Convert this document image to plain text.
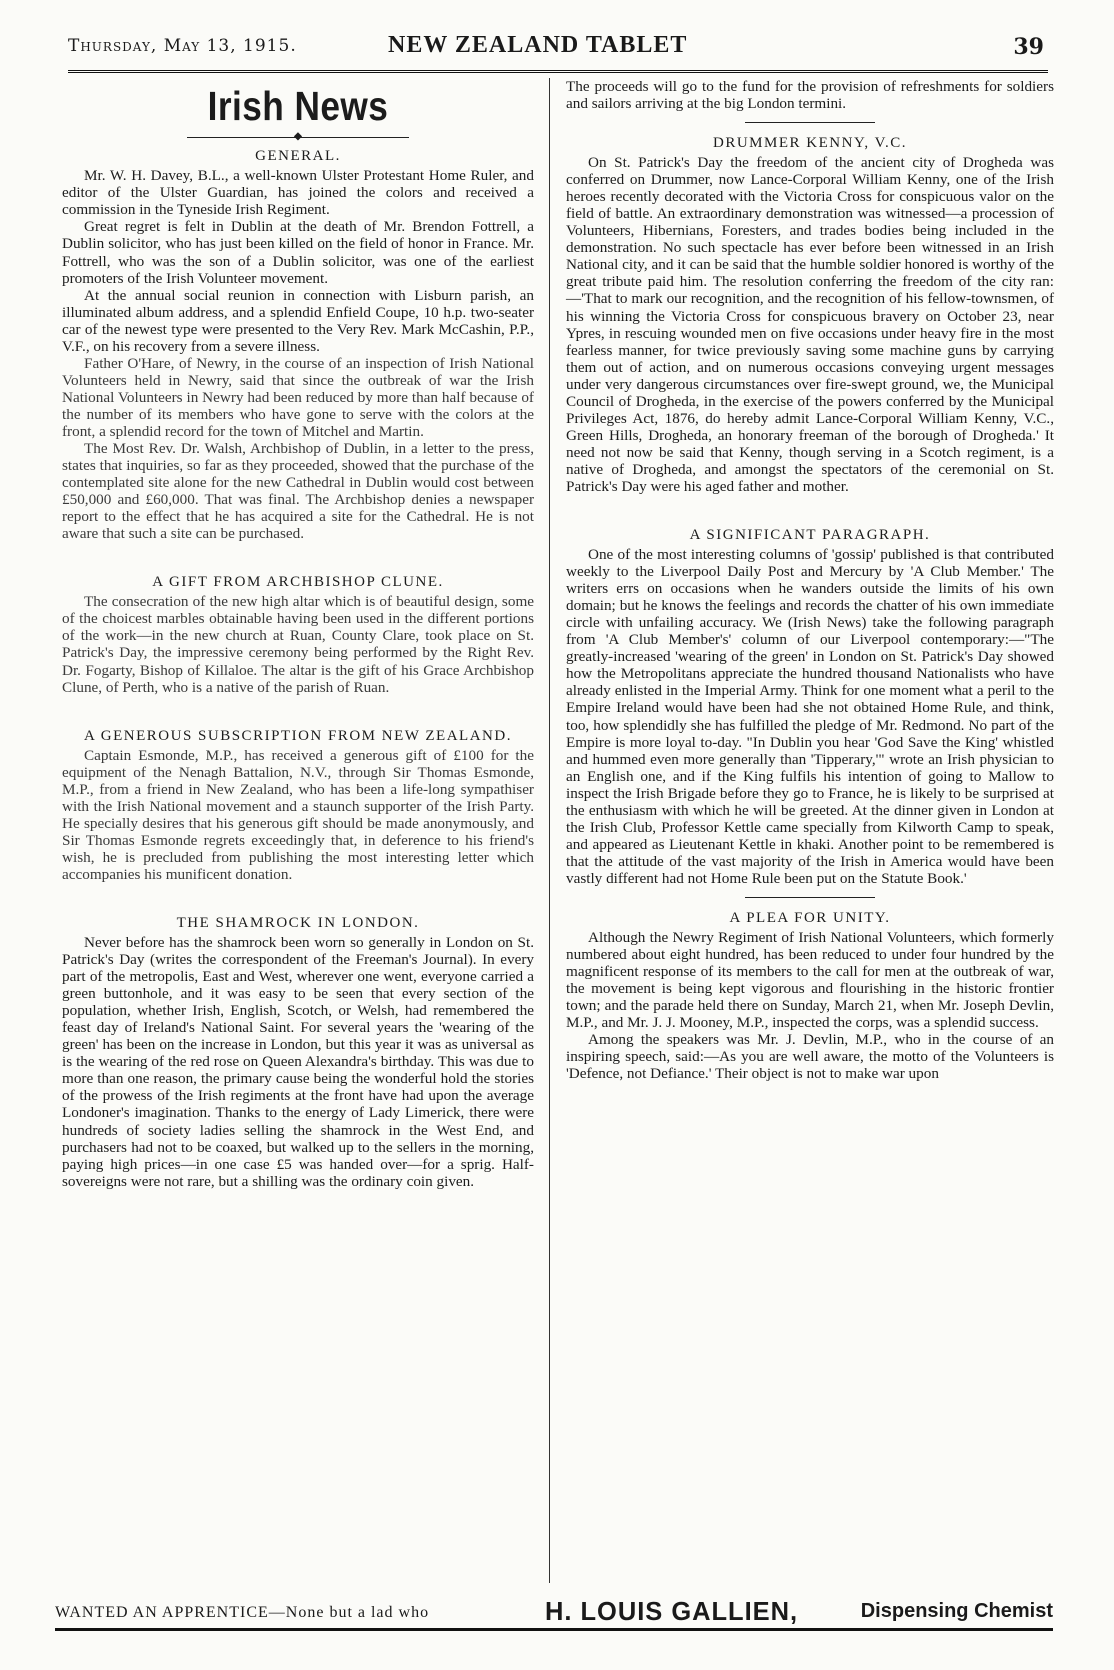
Thursday, May 13, 1915.	NEW ZEALAND TABLET	39
Irish News
◆
GENERAL.

Mr. W. H. Davey, B.L., a well-known Ulster Protestant Home Ruler, and editor of the Ulster Guardian, has joined the colors and received a commission in the Tyneside Irish Regiment.

Great regret is felt in Dublin at the death of Mr. Brendon Fottrell, a Dublin solicitor, who has just been killed on the field of honor in France. Mr. Fottrell, who was the son of a Dublin solicitor, was one of the earliest promoters of the Irish Volunteer movement.

At the annual social reunion in connection with Lisburn parish, an illuminated album address, and a splendid Enfield Coupe, 10 h.p. two-seater car of the newest type were presented to the Very Rev. Mark McCashin, P.P., V.F., on his recovery from a severe illness.

Father O'Hare, of Newry, in the course of an inspection of Irish National Volunteers held in Newry, said that since the outbreak of war the Irish National Volunteers in Newry had been reduced by more than half because of the number of its members who have gone to serve with the colors at the front, a splendid record for the town of Mitchel and Martin.

The Most Rev. Dr. Walsh, Archbishop of Dublin, in a letter to the press, states that inquiries, so far as they proceeded, showed that the purchase of the contemplated site alone for the new Cathedral in Dublin would cost between £50,000 and £60,000. That was final. The Archbishop denies a newspaper report to the effect that he has acquired a site for the Cathedral. He is not aware that such a site can be purchased.

A GIFT FROM ARCHBISHOP CLUNE.

The consecration of the new high altar which is of beautiful design, some of the choicest marbles obtainable having been used in the different portions of the work—in the new church at Ruan, County Clare, took place on St. Patrick's Day, the impressive ceremony being performed by the Right Rev. Dr. Fogarty, Bishop of Killaloe. The altar is the gift of his Grace Archbishop Clune, of Perth, who is a native of the parish of Ruan.

A GENEROUS SUBSCRIPTION FROM NEW ZEALAND.

Captain Esmonde, M.P., has received a generous gift of £100 for the equipment of the Nenagh Battalion, N.V., through Sir Thomas Esmonde, M.P., from a friend in New Zealand, who has been a life-long sympathiser with the Irish National movement and a staunch supporter of the Irish Party. He specially desires that his generous gift should be made anonymously, and Sir Thomas Esmonde regrets exceedingly that, in deference to his friend's wish, he is precluded from publishing the most interesting letter which accompanies his munificent donation.

THE SHAMROCK IN LONDON.

Never before has the shamrock been worn so generally in London on St. Patrick's Day (writes the correspondent of the Freeman's Journal). In every part of the metropolis, East and West, wherever one went, everyone carried a green buttonhole, and it was easy to be seen that every section of the population, whether Irish, English, Scotch, or Welsh, had remembered the feast day of Ireland's National Saint. For several years the 'wearing of the green' has been on the increase in London, but this year it was as universal as is the wearing of the red rose on Queen Alexandra's birthday. This was due to more than one reason, the primary cause being the wonderful hold the stories of the prowess of the Irish regiments at the front have had upon the average Londoner's imagination. Thanks to the energy of Lady Limerick, there were hundreds of society ladies selling the shamrock in the West End, and purchasers had not to be coaxed, but walked up to the sellers in the morning, paying high prices—in one case £5 was handed over—for a sprig. Half-sovereigns were not rare, but a shilling was the ordinary coin given.

The proceeds will go to the fund for the provision of refreshments for soldiers and sailors arriving at the big London termini.

DRUMMER KENNY, V.C.

On St. Patrick's Day the freedom of the ancient city of Drogheda was conferred on Drummer, now Lance-Corporal William Kenny, one of the Irish heroes recently decorated with the Victoria Cross for conspicuous valor on the field of battle. An extraordinary demonstration was witnessed—a procession of Volunteers, Hibernians, Foresters, and trades bodies being included in the demonstration. No such spectacle has ever before been witnessed in an Irish National city, and it can be said that the humble soldier honored is worthy of the great tribute paid him. The resolution conferring the freedom of the city ran:—'That to mark our recognition, and the recognition of his fellow-townsmen, of his winning the Victoria Cross for conspicuous bravery on October 23, near Ypres, in rescuing wounded men on five occasions under heavy fire in the most fearless manner, for twice previously saving some machine guns by carrying them out of action, and on numerous occasions conveying urgent messages under very dangerous circumstances over fire-swept ground, we, the Municipal Council of Drogheda, in the exercise of the powers conferred by the Municipal Privileges Act, 1876, do hereby admit Lance-Corporal William Kenny, V.C., Green Hills, Drogheda, an honorary freeman of the borough of Drogheda.' It need not now be said that Kenny, though serving in a Scotch regiment, is a native of Drogheda, and amongst the spectators of the ceremonial on St. Patrick's Day were his aged father and mother.

A SIGNIFICANT PARAGRAPH.

One of the most interesting columns of 'gossip' published is that contributed weekly to the Liverpool Daily Post and Mercury by 'A Club Member.' The writers errs on occasions when he wanders outside the limits of his own domain; but he knows the feelings and records the chatter of his own immediate circle with unfailing accuracy. We (Irish News) take the following paragraph from 'A Club Member's' column of our Liverpool contemporary:—"The greatly-increased 'wearing of the green' in London on St. Patrick's Day showed how the Metropolitans appreciate the hundred thousand Nationalists who have already enlisted in the Imperial Army. Think for one moment what a peril to the Empire Ireland would have been had she not obtained Home Rule, and think, too, how splendidly she has fulfilled the pledge of Mr. Redmond. No part of the Empire is more loyal to-day. "In Dublin you hear 'God Save the King' whistled and hummed even more generally than 'Tipperary,'" wrote an Irish physician to an English one, and if the King fulfils his intention of going to Mallow to inspect the Irish Brigade before they go to France, he is likely to be surprised at the enthusiasm with which he will be greeted. At the dinner given in London at the Irish Club, Professor Kettle came specially from Kilworth Camp to speak, and appeared as Lieutenant Kettle in khaki. Another point to be remembered is that the attitude of the vast majority of the Irish in America would have been vastly different had not Home Rule been put on the Statute Book.'

A PLEA FOR UNITY.

Although the Newry Regiment of Irish National Volunteers, which formerly numbered about eight hundred, has been reduced to under four hundred by the magnificent response of its members to the call for men at the outbreak of war, the movement is being kept vigorous and flourishing in the historic frontier town; and the parade held there on Sunday, March 21, when Mr. Joseph Devlin, M.P., and Mr. J. J. Mooney, M.P., inspected the corps, was a splendid success.

Among the speakers was Mr. J. Devlin, M.P., who in the course of an inspiring speech, said:—As you are well aware, the motto of the Volunteers is 'Defence, not Defiance.' Their object is not to make war upon

WANTED AN APPRENTICE—None but a lad who	H. LOUIS GALLIEN,	Dispensing Chemist
